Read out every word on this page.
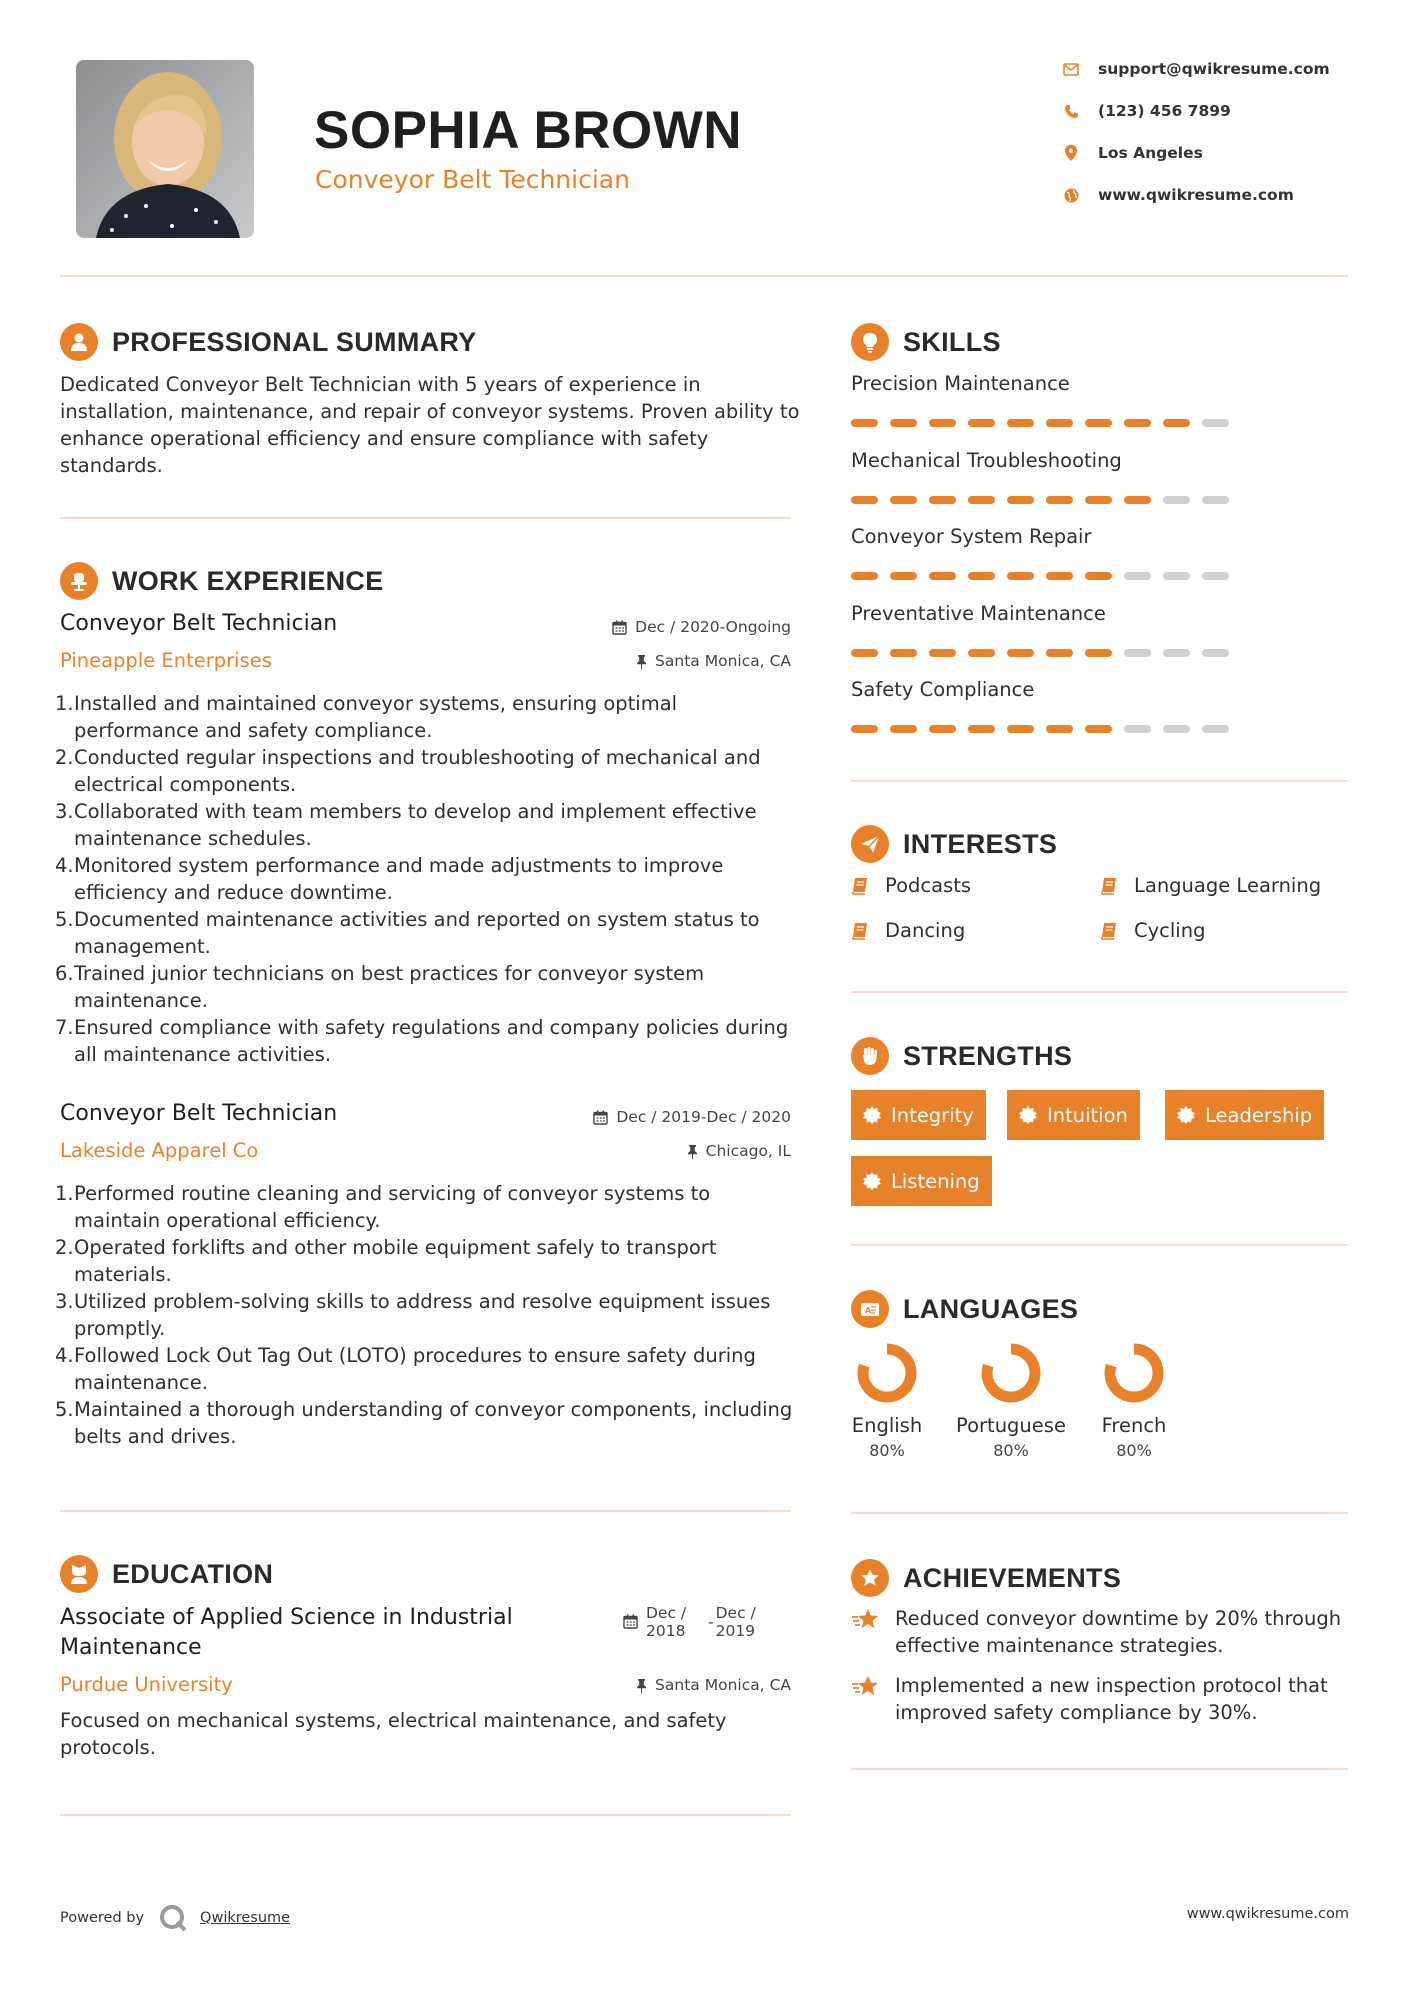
SOPHIA BROWN
Conveyor Belt Technician
support@qwikresume.com
(123) 456 7899
Los Angeles
www.qwikresume.com
PROFESSIONAL SUMMARY
Dedicated Conveyor Belt Technician with 5 years of experience in installation, maintenance, and repair of conveyor systems. Proven ability to enhance operational efficiency and ensure compliance with safety standards.
WORK EXPERIENCE
Conveyor Belt Technician
Pineapple Enterprises
Dec / 2020-Ongoing
Santa Monica, CA
1. Installed and maintained conveyor systems, ensuring optimal performance and safety compliance.
2. Conducted regular inspections and troubleshooting of mechanical and electrical components.
3. Collaborated with team members to develop and implement effective maintenance schedules.
4. Monitored system performance and made adjustments to improve efficiency and reduce downtime.
5. Documented maintenance activities and reported on system status to management.
6. Trained junior technicians on best practices for conveyor system maintenance.
7. Ensured compliance with safety regulations and company policies during all maintenance activities.
Conveyor Belt Technician
Lakeside Apparel Co
Dec / 2019-Dec / 2020
Chicago, IL
1. Performed routine cleaning and servicing of conveyor systems to maintain operational efficiency.
2. Operated forklifts and other mobile equipment safely to transport materials.
3. Utilized problem-solving skills to address and resolve equipment issues promptly.
4. Followed Lock Out Tag Out (LOTO) procedures to ensure safety during maintenance.
5. Maintained a thorough understanding of conveyor components, including belts and drives.
EDUCATION
Associate of Applied Science in Industrial Maintenance
Dec / 2018	- Dec / 2019
Purdue University	Santa Monica, CA
Focused on mechanical systems, electrical maintenance, and safety protocols.
SKILLS
Precision Maintenance
Mechanical Troubleshooting
Conveyor System Repair
Preventative Maintenance
Safety Compliance
INTERESTS
Podcasts	Language Learning
Dancing	Cycling
STRENGTHS
Integrity	Intuition	Leadership
Listening
A LANGUAGES
English
80%
Portuguese
80%
French
80%
ACHIEVEMENTS
Reduced conveyor downtime by 20% through effective maintenance strategies.
Implemented a new inspection protocol that improved safety compliance by 30%.
Powered by	Qwikresume	www.qwikresume.com
